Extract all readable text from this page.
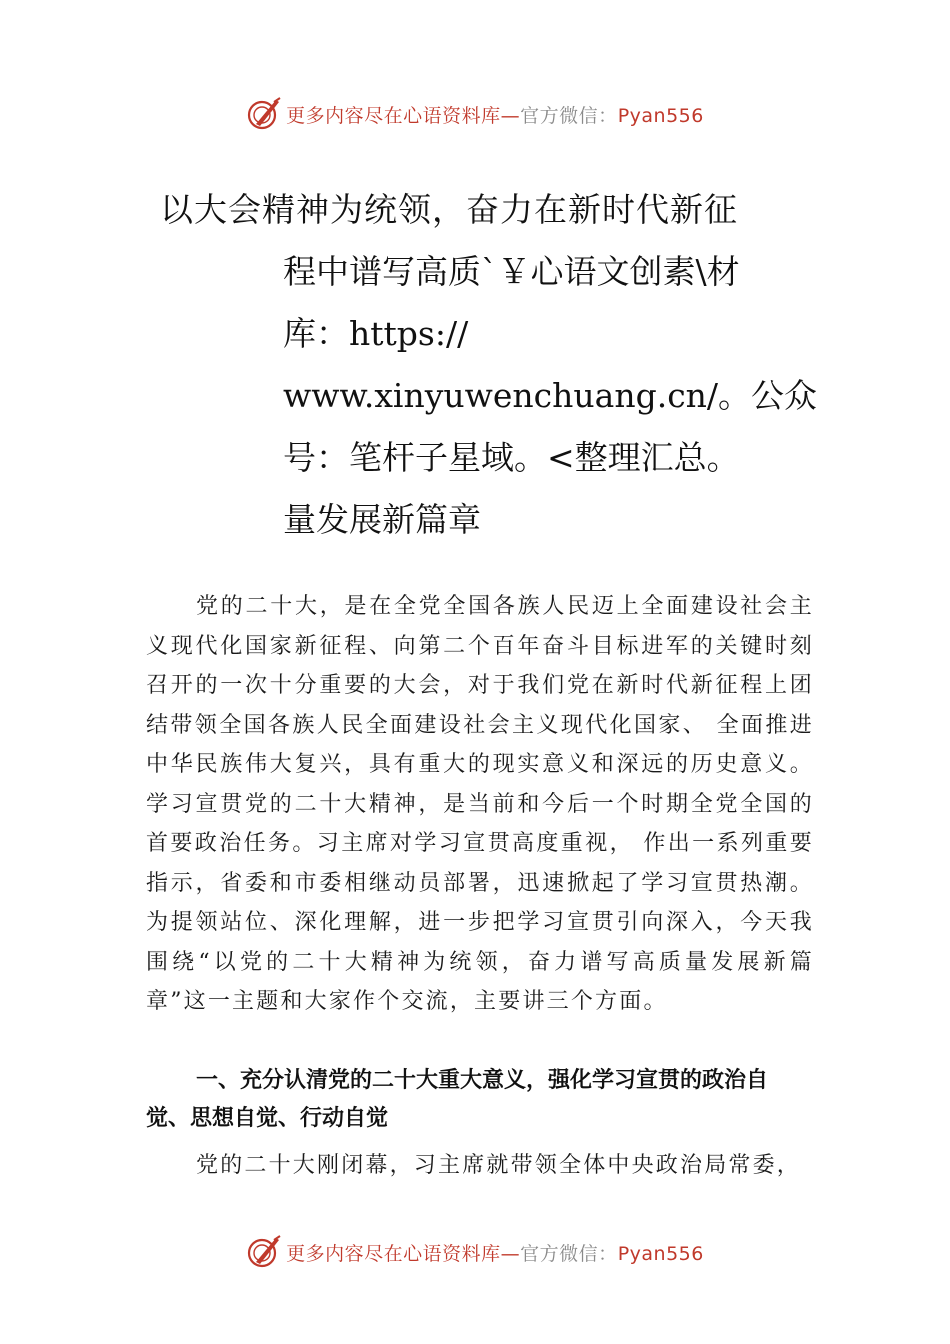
更多内容尽在心语资料库—官方微信：Pyan556
以大会精神为统领，奋力在新时代新征
程中谱写高质`￥心语文创素\材
库：https://
www.xinyuwenchuang.cn/。公众
号：笔杆子星域。<整理汇总。
量发展新篇章

党的二十大，是在全党全国各族人民迈上全面建设社会主义现代化国家新征程、向第二个百年奋斗目标进军的关键时刻召开的一次十分重要的大会，对于我们党在新时代新征程上团结带领全国各族人民全面建设社会主义现代化国家、 全面推进中华民族伟大复兴，具有重大的现实意义和深远的历史意义。学习宣贯党的二十大精神，是当前和今后一个时期全党全国的首要政治任务。习主席对学习宣贯高度重视， 作出一系列重要指示，省委和市委相继动员部署，迅速掀起了学习宣贯热潮。为提领站位、深化理解，进一步把学习宣贯引向深入，今天我围绕“以党的二十大精神为统领，奋力谱写高质量发展新篇章”这一主题和大家作个交流，主要讲三个方面。

一、充分认清党的二十大重大意义，强化学习宣贯的政治自觉、思想自觉、行动自觉

党的二十大刚闭幕，习主席就带领全体中央政治局常委，

更多内容尽在心语资料库—官方微信：Pyan556
